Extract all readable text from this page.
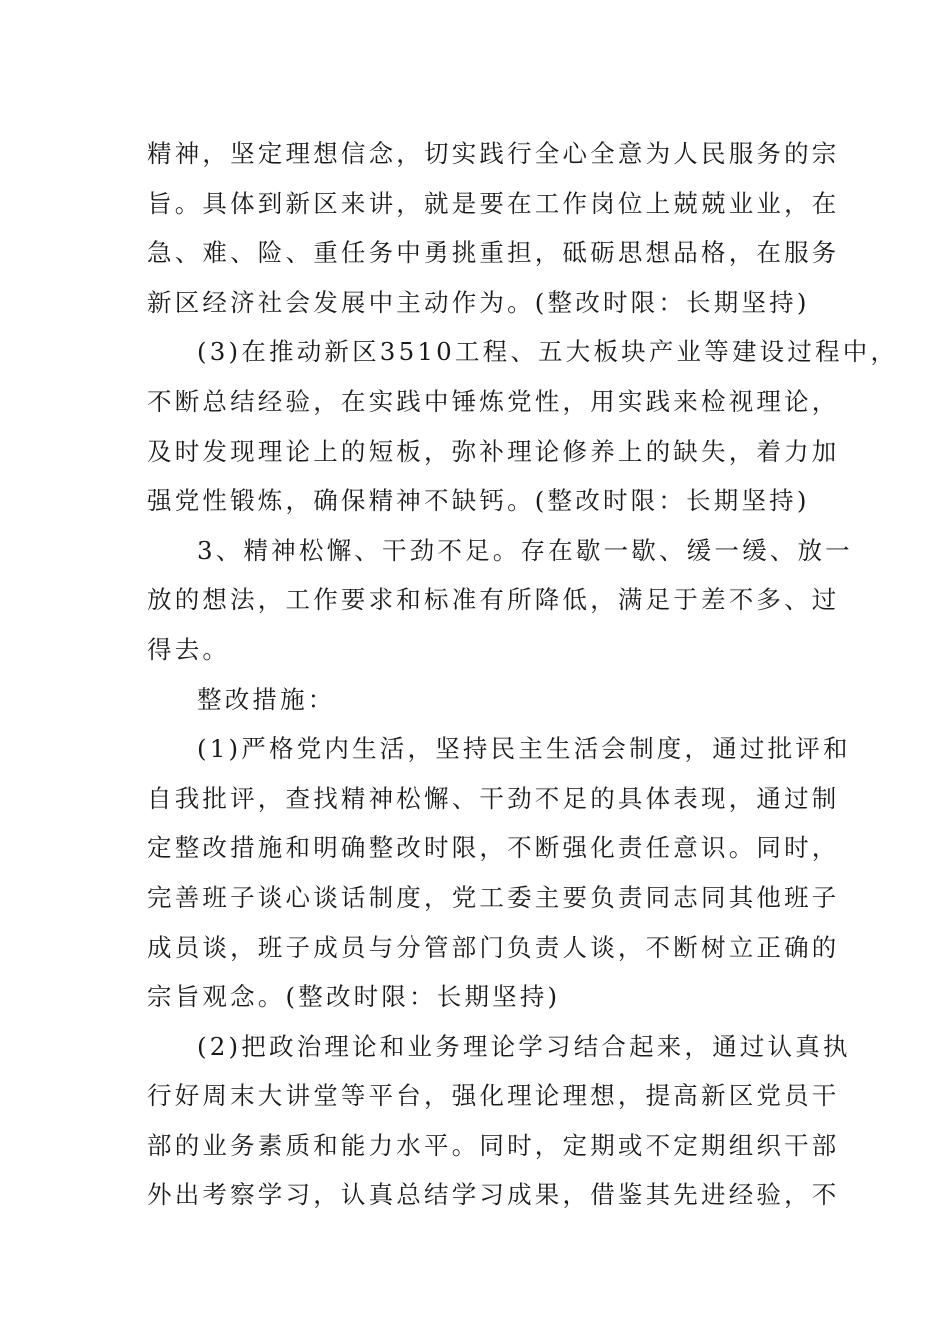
精神，坚定理想信念，切实践行全心全意为人民服务的宗
旨。具体到新区来讲，就是要在工作岗位上兢兢业业，在
急、难、险、重任务中勇挑重担，砥砺思想品格，在服务
新区经济社会发展中主动作为。(整改时限：长期坚持)
(3)在推动新区3510工程、五大板块产业等建设过程中，
不断总结经验，在实践中锤炼党性，用实践来检视理论，
及时发现理论上的短板，弥补理论修养上的缺失，着力加
强党性锻炼，确保精神不缺钙。(整改时限：长期坚持)
3、精神松懈、干劲不足。存在歇一歇、缓一缓、放一
放的想法，工作要求和标准有所降低，满足于差不多、过
得去。
整改措施：
(1)严格党内生活，坚持民主生活会制度，通过批评和
自我批评，查找精神松懈、干劲不足的具体表现，通过制
定整改措施和明确整改时限，不断强化责任意识。同时，
完善班子谈心谈话制度，党工委主要负责同志同其他班子
成员谈，班子成员与分管部门负责人谈，不断树立正确的
宗旨观念。(整改时限：长期坚持)
(2)把政治理论和业务理论学习结合起来，通过认真执
行好周末大讲堂等平台，强化理论理想，提高新区党员干
部的业务素质和能力水平。同时，定期或不定期组织干部
外出考察学习，认真总结学习成果，借鉴其先进经验，不
